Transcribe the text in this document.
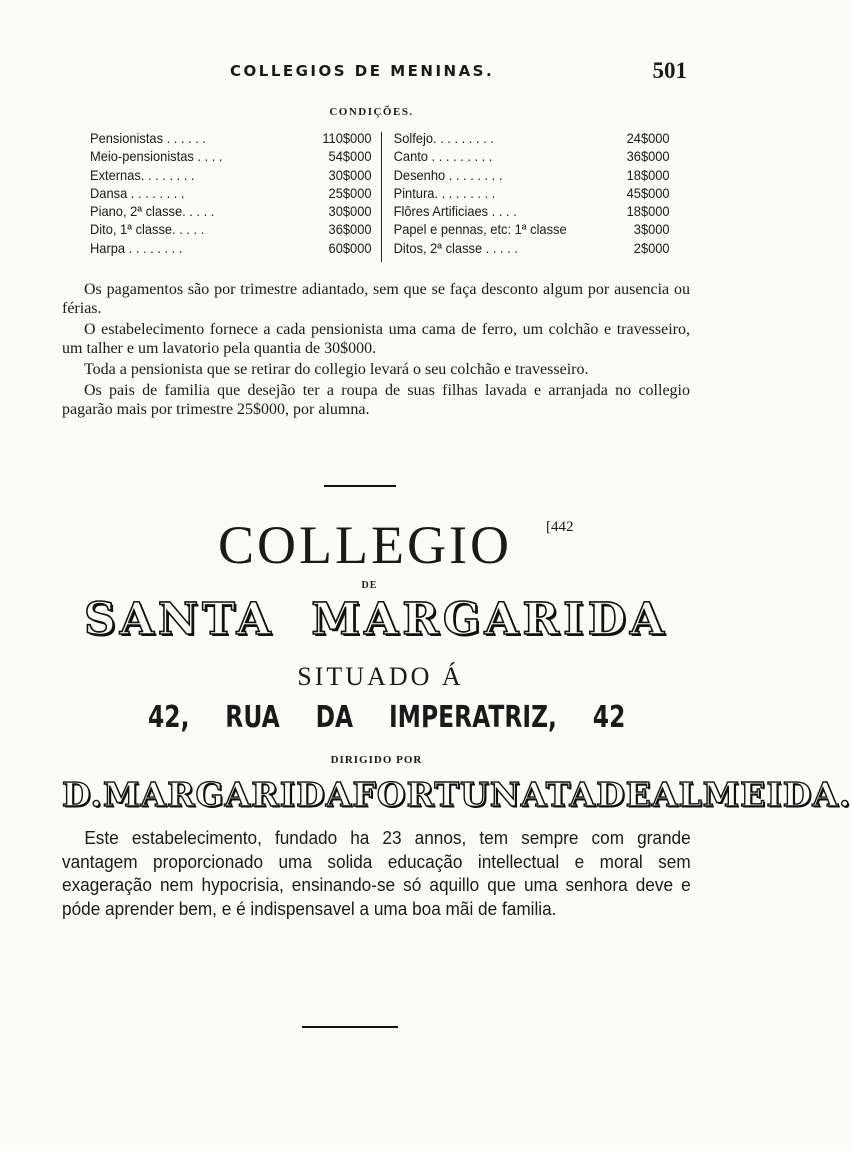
COLLEGIOS DE MENINAS.	501
CONDIÇÕES.
Pensionistas . . . . . .	110$000
Meio-pensionistas . . . .	54$000
Externas. . . . . . . .	30$000
Dansa . . . . . . . .	25$000
Piano, 2ª classe. . . . .	30$000
Dito, 1ª classe. . . . .	36$000
Harpa . . . . . . . .	60$000
Solfejo. . . . . . . . .	24$000
Canto . . . . . . . . .	36$000
Desenho . . . . . . . .	18$000
Pintura. . . . . . . . .	45$000
Flôres Artificiaes . . . .	18$000
Papel e pennas, etc: 1ª classe	3$000
Ditos, 2ª classe . . . . .	2$000

Os pagamentos são por trimestre adiantado, sem que se faça desconto algum por ausencia ou férias.

O estabelecimento fornece a cada pensionista uma cama de ferro, um colchão e travesseiro, um talher e um lavatorio pela quantia de 30$000.

Toda a pensionista que se retirar do collegio levará o seu colchão e travesseiro.

Os pais de familia que desejão ter a roupa de suas filhas lavada e arranjada no collegio pagarão mais por trimestre 25$000, por alumna.

COLLEGIO [442
DE
SANTA MARGARIDA
SITUADO Á
42, RUA DA IMPERATRIZ, 42
DIRIGIDO POR
D. MARGARIDA FORTUNATA DE ALMEIDA.

Este estabelecimento, fundado ha 23 annos, tem sempre com grande vantagem proporcionado uma solida educação intellectual e moral sem exageração nem hypocrisia, ensinando-se só aquillo que uma senhora deve e póde aprender bem, e é indispensavel a uma boa mãi de familia.
